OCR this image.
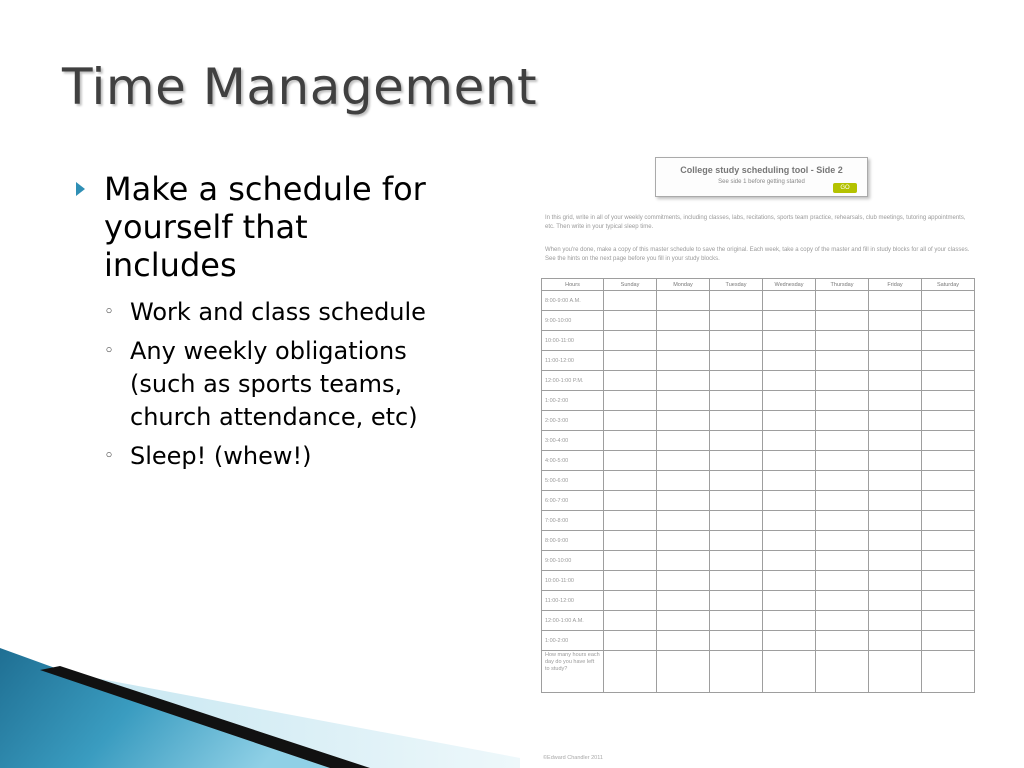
Time Management
Make a schedule for yourself that includes
◦ Work and class schedule
◦ Any weekly obligations (such as sports teams, church attendance, etc)
◦ Sleep! (whew!)
College study scheduling tool - Side 2
See side 1 before getting started
GO
In this grid, write in all of your weekly commitments, including classes, labs, recitations, sports team practice, rehearsals, club meetings, tutoring appointments, etc. Then write in your typical sleep time.
When you're done, make a copy of this master schedule to save the original. Each week, take a copy of the master and fill in study blocks for all of your classes. See the hints on the next page before you fill in your study blocks.
Hours	Sunday	Monday	Tuesday	Wednesday	Thursday	Friday	Saturday
8:00-9:00 A.M.							
9:00-10:00							
10:00-11:00							
11:00-12:00							
12:00-1:00 P.M.							
1:00-2:00							
2:00-3:00							
3:00-4:00							
4:00-5:00							
5:00-6:00							
6:00-7:00							
7:00-8:00							
8:00-9:00							
9:00-10:00							
10:00-11:00							
11:00-12:00							
12:00-1:00 A.M.							
1:00-2:00							
How many hours each day do you have left to study?							
©Edward Chandler 2011
